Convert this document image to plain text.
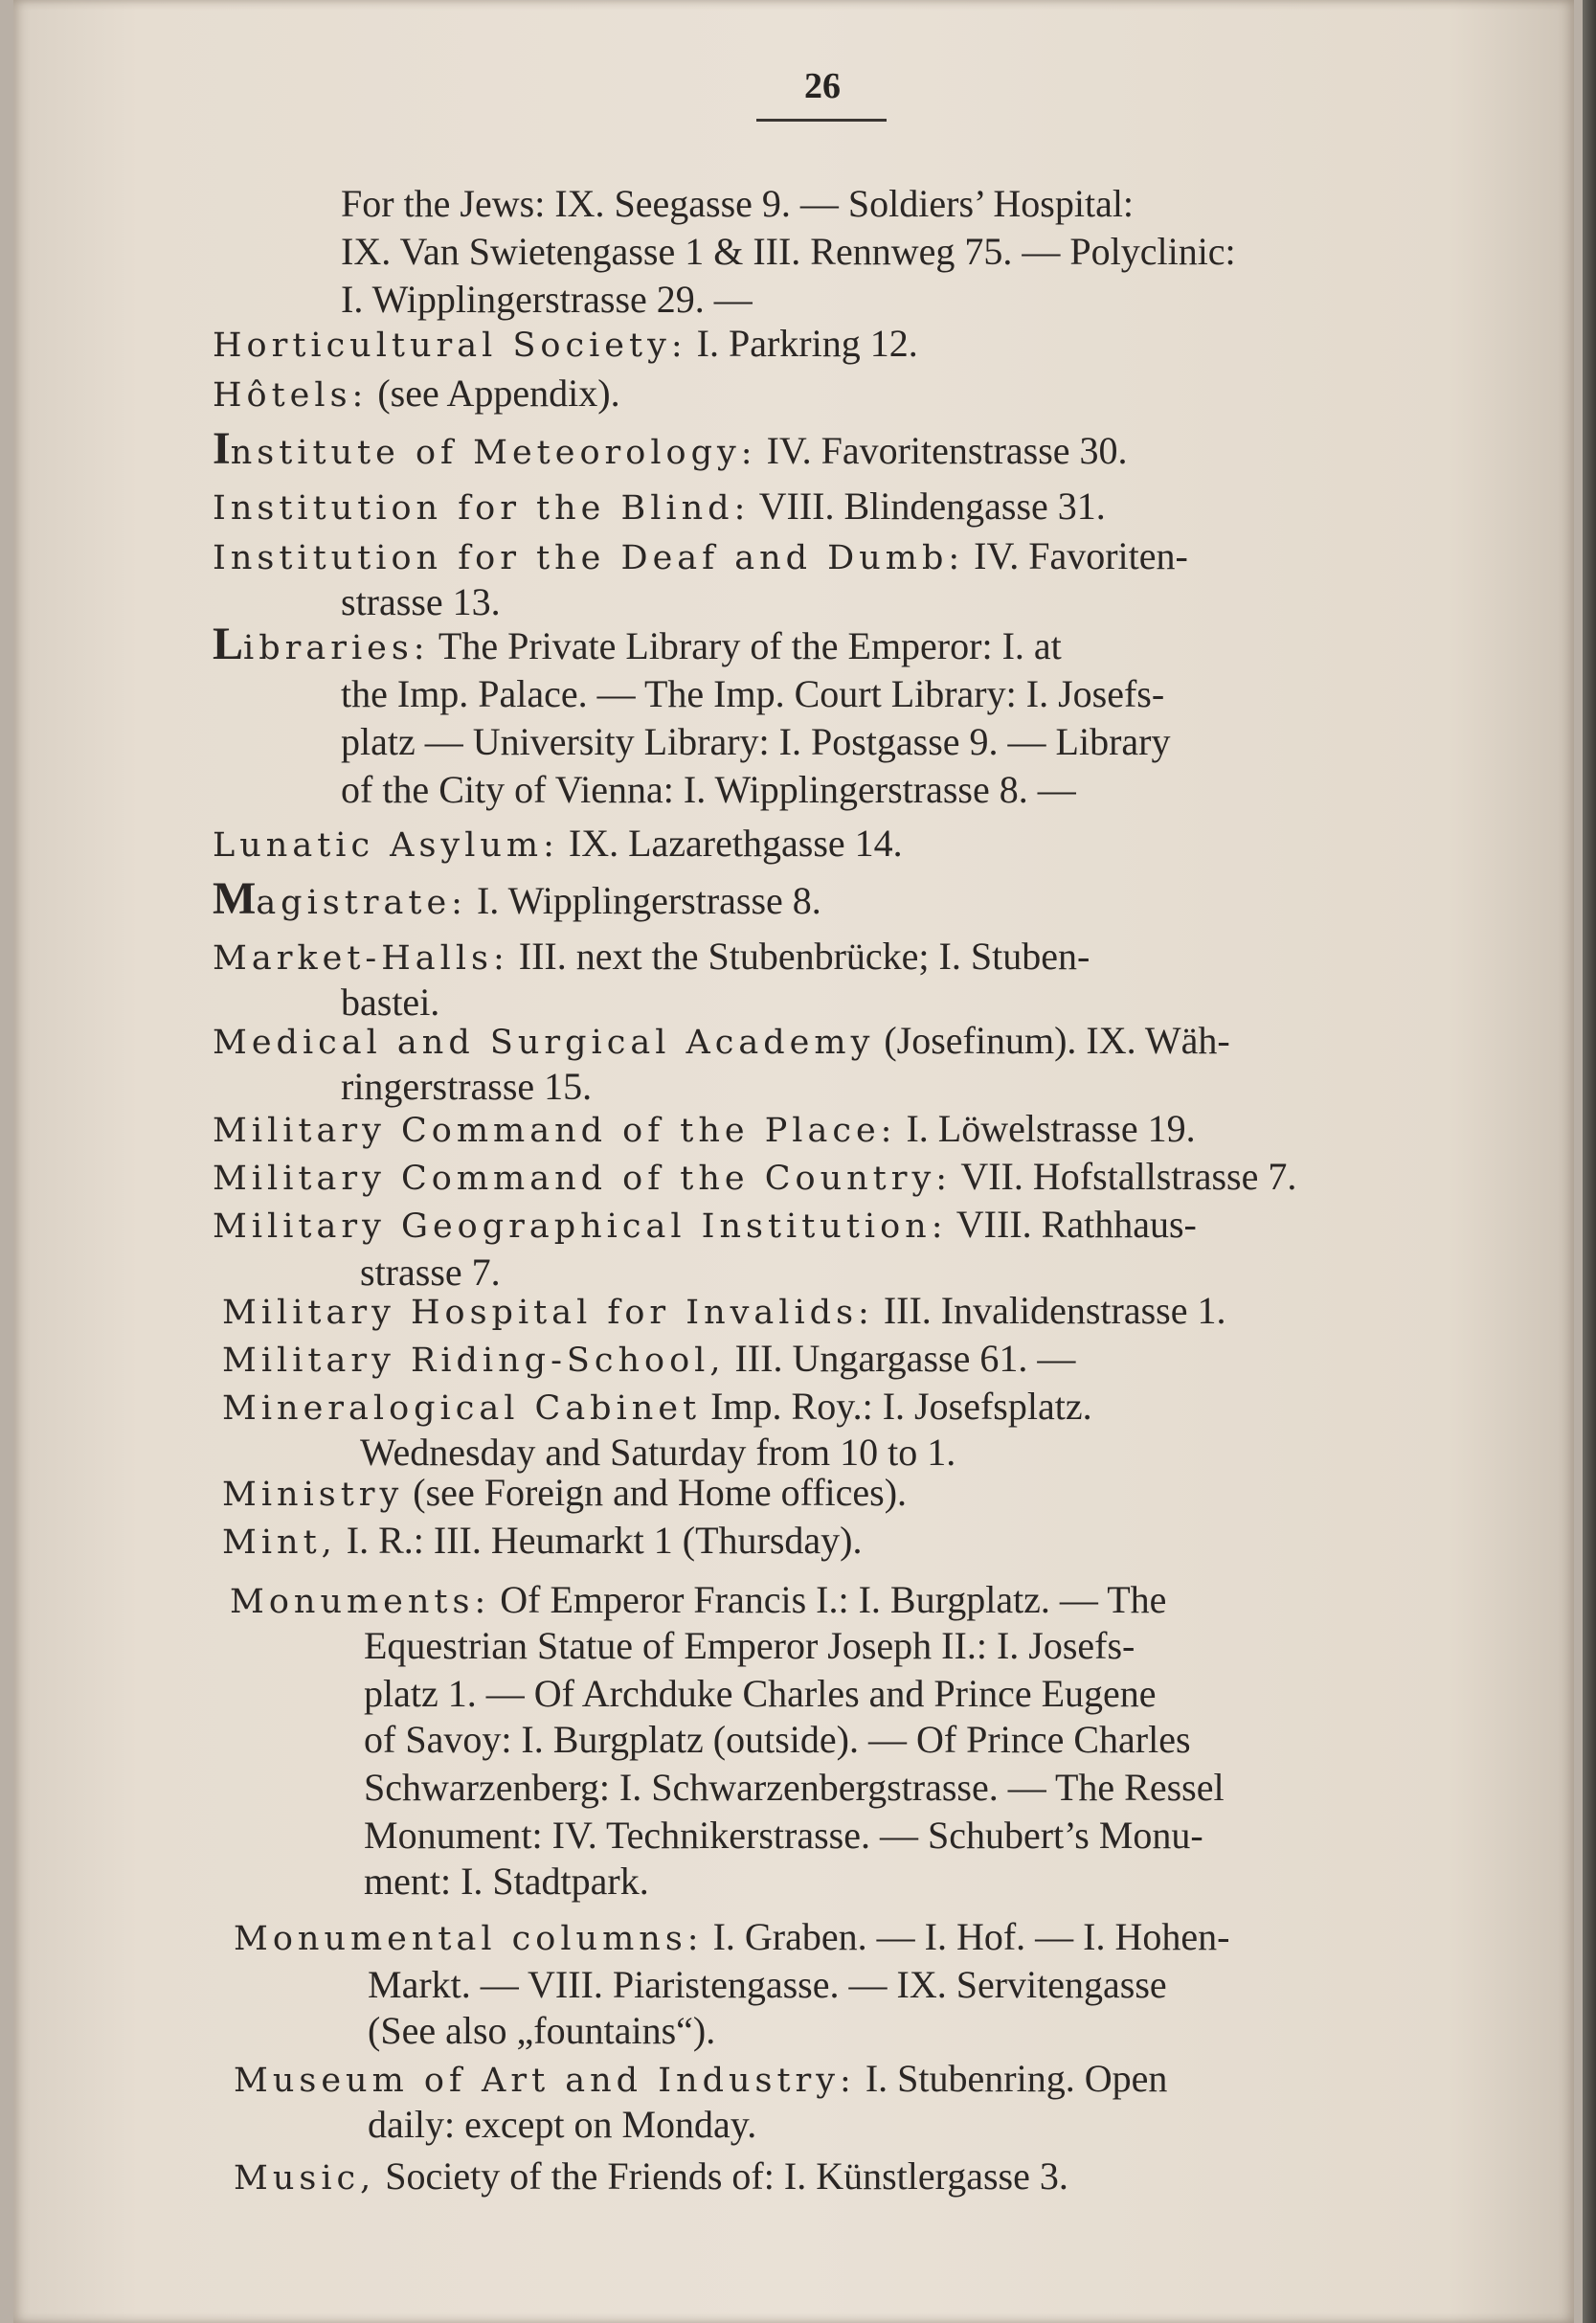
26
For the Jews: IX. Seegasse 9. — Soldiers’ Hospital:
IX. Van Swietengasse 1 & III. Rennweg 75. — Polyclinic:
I. Wipplingerstrasse 29. —
Horticultural Society: I. Parkring 12.
Hôtels: (see Appendix).
Institute of Meteorology: IV. Favoritenstrasse 30.
Institution for the Blind: VIII. Blindengasse 31.
Institution for the Deaf and Dumb: IV. Favoriten-
strasse 13.
Libraries: The Private Library of the Emperor: I. at
the Imp. Palace. — The Imp. Court Library: I. Josefs-
platz — University Library: I. Postgasse 9. — Library
of the City of Vienna: I. Wipplingerstrasse 8. —
Lunatic Asylum: IX. Lazarethgasse 14.
Magistrate: I. Wipplingerstrasse 8.
Market-Halls: III. next the Stubenbrücke; I. Stuben-
bastei.
Medical and Surgical Academy (Josefinum). IX. Wäh-
ringerstrasse 15.
Military Command of the Place: I. Löwelstrasse 19.
Military Command of the Country: VII. Hofstallstrasse 7.
Military Geographical Institution: VIII. Rathhaus-
strasse 7.
Military Hospital for Invalids: III. Invalidenstrasse 1.
Military Riding-School, III. Ungargasse 61. —
Mineralogical Cabinet Imp. Roy.: I. Josefsplatz.
Wednesday and Saturday from 10 to 1.
Ministry (see Foreign and Home offices).
Mint, I. R.: III. Heumarkt 1 (Thursday).
Monuments: Of Emperor Francis I.: I. Burgplatz. — The
Equestrian Statue of Emperor Joseph II.: I. Josefs-
platz 1. — Of Archduke Charles and Prince Eugene
of Savoy: I. Burgplatz (outside). — Of Prince Charles
Schwarzenberg: I. Schwarzenbergstrasse. — The Ressel
Monument: IV. Technikerstrasse. — Schubert’s Monu-
ment: I. Stadtpark.
Monumental columns: I. Graben. — I. Hof. — I. Hohen-
Markt. — VIII. Piaristengasse. — IX. Servitengasse
(See also „fountains“).
Museum of Art and Industry: I. Stubenring. Open
daily: except on Monday.
Music, Society of the Friends of: I. Künstlergasse 3.
